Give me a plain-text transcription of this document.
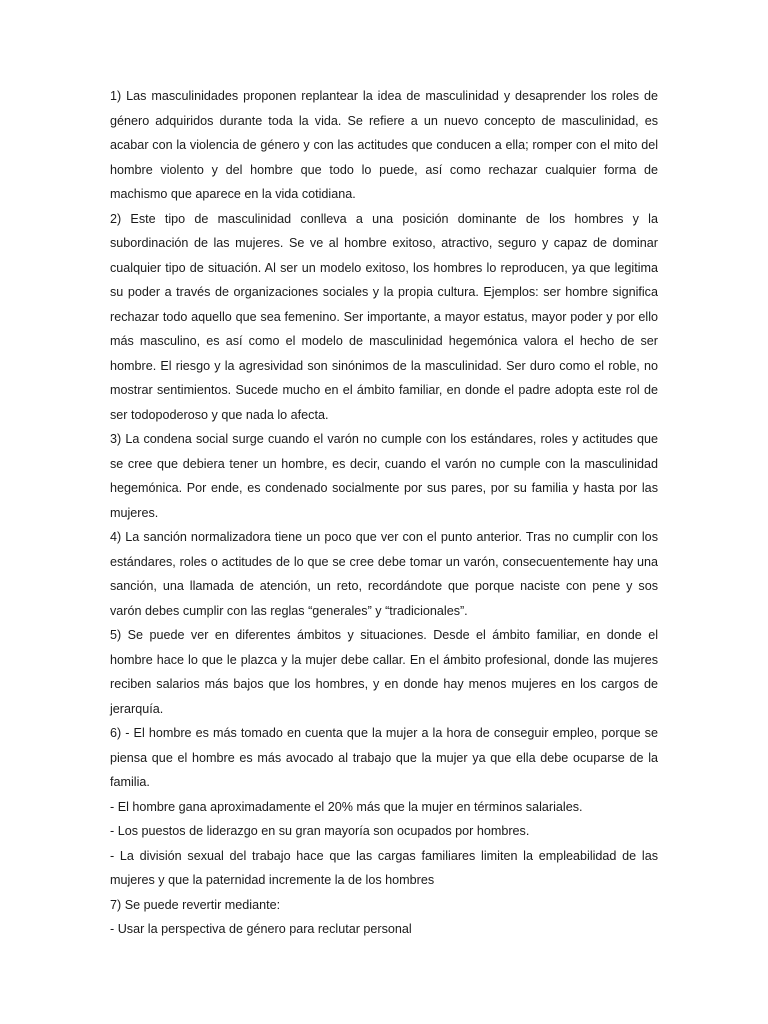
1) Las masculinidades proponen replantear la idea de masculinidad y desaprender los roles de género adquiridos durante toda la vida. Se refiere a un nuevo concepto de masculinidad, es acabar con la violencia de género y con las actitudes que conducen a ella; romper con el mito del hombre violento y del hombre que todo lo puede, así como rechazar cualquier forma de machismo que aparece en la vida cotidiana.

2) Este tipo de masculinidad conlleva a una posición dominante de los hombres y la subordinación de las mujeres. Se ve al hombre exitoso, atractivo, seguro y capaz de dominar cualquier tipo de situación. Al ser un modelo exitoso, los hombres lo reproducen, ya que legitima su poder a través de organizaciones sociales y la propia cultura. Ejemplos: ser hombre significa rechazar todo aquello que sea femenino. Ser importante, a mayor estatus, mayor poder y por ello más masculino, es así como el modelo de masculinidad hegemónica valora el hecho de ser hombre. El riesgo y la agresividad son sinónimos de la masculinidad. Ser duro como el roble, no mostrar sentimientos. Sucede mucho en el ámbito familiar, en donde el padre adopta este rol de ser todopoderoso y que nada lo afecta.

3) La condena social surge cuando el varón no cumple con los estándares, roles y actitudes que se cree que debiera tener un hombre, es decir, cuando el varón no cumple con la masculinidad hegemónica. Por ende, es condenado socialmente por sus pares, por su familia y hasta por las mujeres.

4) La sanción normalizadora tiene un poco que ver con el punto anterior. Tras no cumplir con los estándares, roles o actitudes de lo que se cree debe tomar un varón, consecuentemente hay una sanción, una llamada de atención, un reto, recordándote que porque naciste con pene y sos varón debes cumplir con las reglas “generales” y “tradicionales”.

5) Se puede ver en diferentes ámbitos y situaciones. Desde el ámbito familiar, en donde el hombre hace lo que le plazca y la mujer debe callar. En el ámbito profesional, donde las mujeres reciben salarios más bajos que los hombres, y en donde hay menos mujeres en los cargos de jerarquía.

6) - El hombre es más tomado en cuenta que la mujer a la hora de conseguir empleo, porque se piensa que el hombre es más avocado al trabajo que la mujer ya que ella debe ocuparse de la familia.

- El hombre gana aproximadamente el 20% más que la mujer en términos salariales.

- Los puestos de liderazgo en su gran mayoría son ocupados por hombres.

- La división sexual del trabajo hace que las cargas familiares limiten la empleabilidad de las mujeres y que la paternidad incremente la de los hombres

7) Se puede revertir mediante:

- Usar la perspectiva de género para reclutar personal
